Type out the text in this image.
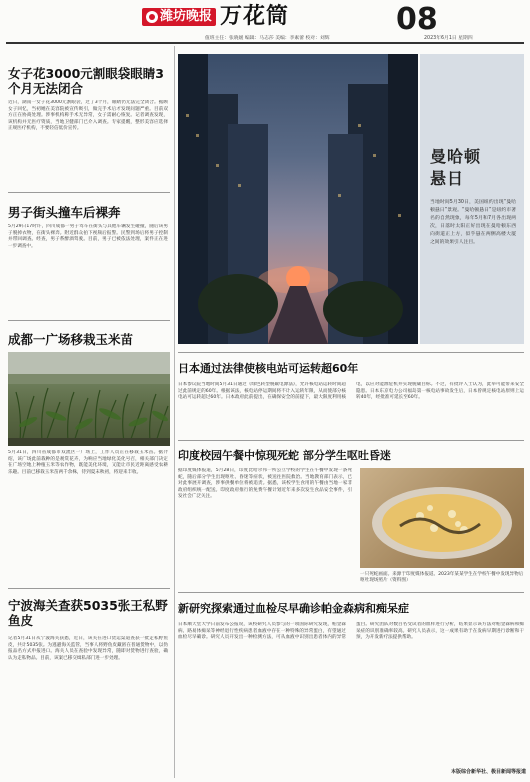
潍坊晚报 万花筒	08
值班主任：张晓媛 编辑：马志莎 美编：李素蕾 校对：刘辉	2023年6月1日 星期四
女子花3000元割眼袋眼睛3个月无法闭合
近日，湖南一女子花3000元割眼袋，过了3个月，眼睛仍无法完全闭合。据顾女子回忆，当初她在美容院被宣传吸引，做完手术后才发现问题严重。目前双方正在协商处理。涉事机构称手术无异常，女子需耐心恢复。记者调查发现，该机构并无医疗资质，当地卫健部门已介入调查。专家提醒，整形美容应选择正规医疗机构，不要轻信低价宣传。
男子街头撞车后裸奔
5月29日17时许，四川成都一男子驾车在街头与其他车辆发生碰撞，随后该男子脱掉衣物，在街头裸奔。附近群众拍下视频后报警。民警到场后将男子控制并带回调查。经查，男子系醉酒驾驶。目前，男子已被依法处理，案件正在进一步调查中。
成都一广场移栽玉米苗
5月31日，四川省成都市双流区一广场上，工作人员正在移栽玉米苗。据介绍，该广场此前栽种的是观赏花卉，为响应当地绿化美化号召，相关部门决定在广场空地上种植玉米等农作物，既能美化环境，又能让市民近距离感受农耕乐趣。目前已移栽玉米苗两千余株，待到夏末秋初，将迎来丰收。
宁波海关查获5035张王私野鱼皮
记者5月31日从宁波海关获悉，近日，该关在进口货运渠道查获一批走私野鱼皮，共计5035张。为逃避海关监管，当事人将野鱼皮藏匿在普通货物中，以伪报品名方式申报进口。海关人员在查验中发现异常，随即对货物进行查验，确认为走私物品。目前，该案已移交缉私部门进一步处理。
曼哈顿悬日
当地时间5月30日，美国纽约出现“曼哈顿悬日”景观。“曼哈顿悬日”是纽约市著名的自然现象，每年5月和7月各出现两次，日落时太阳正好出现在曼哈顿东西向街道正上方，似乎悬在两侧高楼大厦之间的效果引人注目。
日本通过法律使核电站可运转超60年
日本参议院当地时间5月31日通过《绿色转型脱碳电源法》，允许核电站运转时间超过此前规定的60年。根据该法，核电站停运期间将不计入运转年限，从而使部分核电站可运转超过60年。日本政府此前提出，在确保安全的前提下，最大限度利用核电，以应对能源危机并实现脱碳目标。不过，有批评人士认为，此举可能带来安全隐患。日本东京电力公司福岛第一核电站事故发生后，日本曾规定核电站原则上运转40年，经批准可延长至60年。
印度校园午餐中惊现死蛇 部分学生呕吐昏迷
据印度媒体报道，5月28日，印度比哈尔邦一所公立学校的学生在午餐中发现一条死蛇，随后部分学生出现呕吐、昏迷等症状，被送往医院救治。当地教育部门表示，已对此事展开调查，涉事供餐单位将被追责。据悉，该校学生食用的午餐由当地一家非政府组织统一配送。印度政府推行的免费午餐计划近年来多次发生食品安全事件，引发社会广泛关注。
一只死蛇画面。来源于印度媒体报道。2023年某某学生在学校午餐中发现异物后呕吐现场照片（资料图）
新研究探索通过血检尽早确诊帕金森病和痴呆症
日本顺天堂大学日前发布公报说，该校研究人员参与的一项国际研究发现，帕金森病、路易体痴呆等神经退行性疾病患者血液中存在一种特殊的异常蛋白，有望通过血检尽早确诊。研究人员开发出一种检测方法，可从血液中识别出患者体内的异常蛋白。研究团队对数百名受试者的血样进行分析，结果显示该方法对帕金森病和痴呆症的识别准确率较高。研究人员表示，这一成果有助于在发病早期进行诊断和干预，为开发新疗法提供帮助。
本版综合新华社、极目新闻等报道
